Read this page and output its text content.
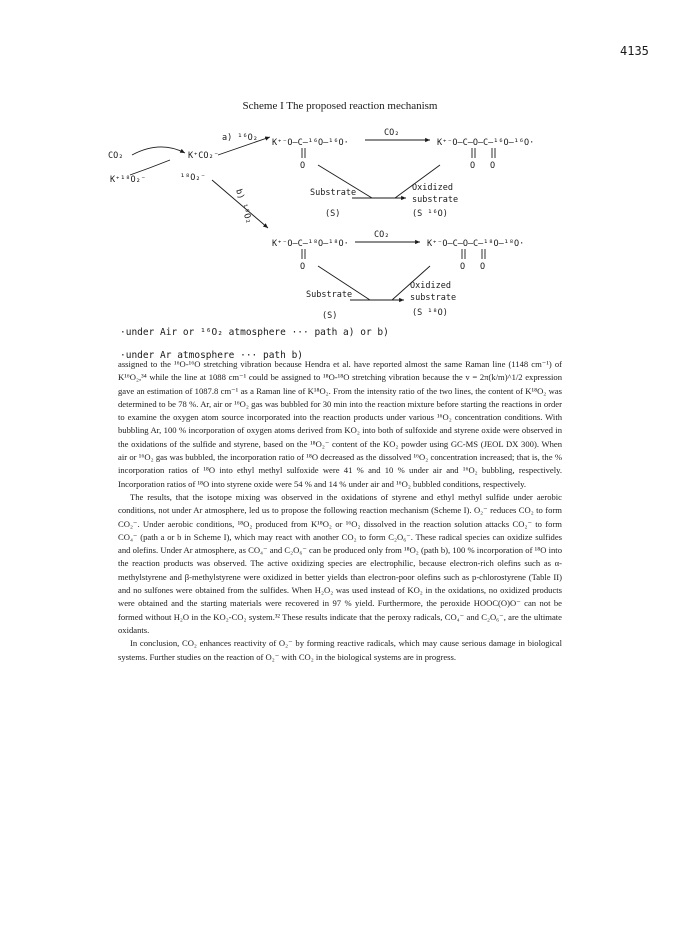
4135
Scheme I The proposed reaction mechanism
CO₂
K⁺¹⁸O₂⁻
K⁺CO₂⁻
¹⁸O₂⁻
a) ¹⁶O₂
b) ¹⁸O₂
K⁺⁻O–C–¹⁶O–¹⁶O·
CO₂
K⁺⁻O–C–O–C–¹⁶O–¹⁶O·
O	O O
Substrate
(S)
Oxidized
substrate
(S ¹⁶O)
K⁺⁻O–C–¹⁸O–¹⁸O·
CO₂
K⁺⁻O–C–O–C–¹⁸O–¹⁸O·
O	O O
Substrate
(S)
Oxidized
substrate
(S ¹⁸O)
·under Air or ¹⁶O₂ atmosphere ··· path a) or b)
·under Ar atmosphere ··· path b)

assigned to the ¹⁶O-¹⁶O stretching vibration because Hendra et al. have reported almost the same Raman line (1148 cm⁻¹) of K¹⁶O₂,³⁴ while the line at 1088 cm⁻¹ could be assigned to ¹⁸O-¹⁸O stretching vibration because the v = 2π(k/m)^1/2 expression gave an estimation of 1087.8 cm⁻¹ as a Raman line of K¹⁸O₂. From the intensity ratio of the two lines, the content of K¹⁸O₂ was determined to be 78 %. Ar, air or ¹⁶O₂ gas was bubbled for 30 min into the reaction mixture before starting the reactions in order to examine the oxygen atom source incorporated into the reaction products under various ¹⁶O₂ concentration conditions. With bubbling Ar, 100 % incorporation of oxygen atoms derived from KO₂ into both of sulfoxide and styrene oxide were observed in the oxidations of the sulfide and styrene, based on the ¹⁸O₂⁻ content of the KO₂ powder using GC-MS (JEOL DX 300). When air or ¹⁶O₂ gas was bubbled, the incorporation ratio of ¹⁸O decreased as the dissolved ¹⁶O₂ concentration increased; that is, the % incorporation ratios of ¹⁸O into ethyl methyl sulfoxide were 41 % and 10 % under air and ¹⁶O₂ bubbling, respectively. Incorporation ratios of ¹⁸O into styrene oxide were 54 % and 14 % under air and ¹⁶O₂ bubbled conditions, respectively.

The results, that the isotope mixing was observed in the oxidations of styrene and ethyl methyl sulfide under aerobic conditions, not under Ar atmosphere, led us to propose the following reaction mechanism (Scheme I). O₂⁻ reduces CO₂ to form CO₂⁻. Under aerobic conditions, ¹⁸O₂ produced from K¹⁸O₂ or ¹⁶O₂ dissolved in the reaction solution attacks CO₂⁻ to form CO₄⁻ (path a or b in Scheme I), which may react with another CO₂ to form C₂O₆⁻. These radical species can oxidize sulfides and olefins. Under Ar atmosphere, as CO₄⁻ and C₂O₆⁻ can be produced only from ¹⁸O₂ (path b), 100 % incorporation of ¹⁸O into the reaction products was observed. The active oxidizing species are electrophilic, because electron-rich olefins such as α-methylstyrene and β-methylstyrene were oxidized in better yields than electron-poor olefins such as p-chlorostyrene (Table II) and no sulfones were obtained from the sulfides. When H₂O₂ was used instead of KO₂ in the oxidations, no oxidized products were obtained and the starting materials were recovered in 97 % yield. Furthermore, the peroxide HOOC(O)O⁻ can not be formed without H₂O in the KO₂-CO₂ system.³² These results indicate that the peroxy radicals, CO₄⁻ and C₂O₆⁻, are the ultimate oxidants.

In conclusion, CO₂ enhances reactivity of O₂⁻ by forming reactive radicals, which may cause serious damage in biological systems. Further studies on the reaction of O₂⁻ with CO₂ in the biological systems are in progress.
